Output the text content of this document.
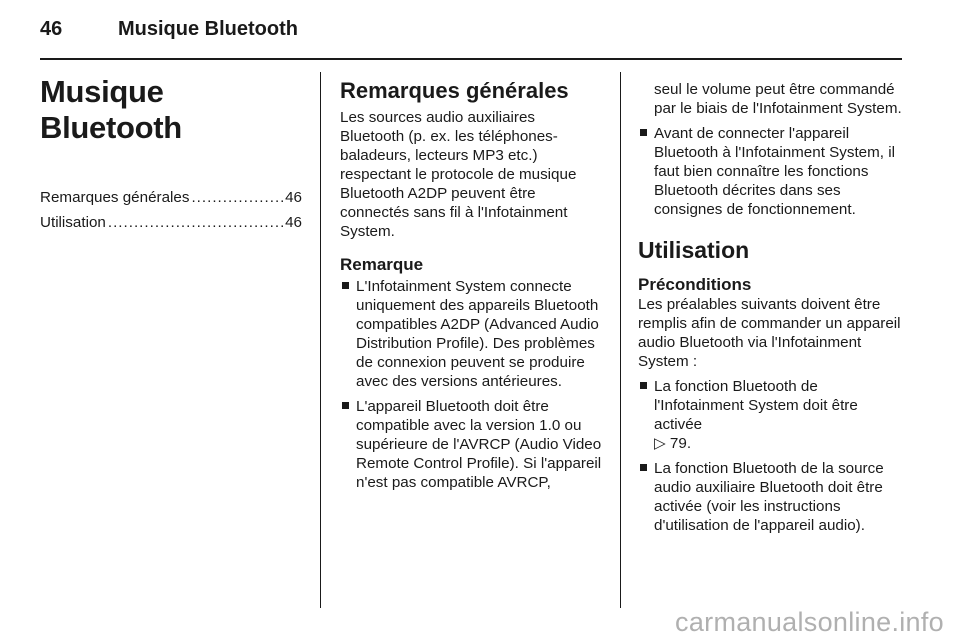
46	Musique Bluetooth
Musique Bluetooth
Remarques générales .....	46
Utilisation .....	46
Remarques générales

Les sources audio auxiliaires Bluetooth (p. ex. les téléphones-baladeurs, lecteurs MP3 etc.) respectant le protocole de musique Bluetooth A2DP peuvent être connectés sans fil à l'Infotainment System.

Remarque
L'Infotainment System connecte uniquement des appareils Bluetooth compatibles A2DP (Advanced Audio Distribution Profile). Des problèmes de connexion peuvent se produire avec des versions antérieures.
L'appareil Bluetooth doit être compatible avec la version 1.0 ou supérieure de l'AVRCP (Audio Video Remote Control Profile). Si l'appareil n'est pas compatible AVRCP,

seul le volume peut être commandé par le biais de l'Infotainment System.

Avant de connecter l'appareil Bluetooth à l'Infotainment System, il faut bien connaître les fonctions Bluetooth décrites dans ses consignes de fonctionnement.
Utilisation
Préconditions

Les préalables suivants doivent être remplis afin de commander un appareil audio Bluetooth via l'Infotainment System :

La fonction Bluetooth de l'Infotainment System doit être activée
▷ 79.
La fonction Bluetooth de la source audio auxiliaire Bluetooth doit être activée (voir les instructions d'utilisation de l'appareil audio).
carmanualsonline.info
